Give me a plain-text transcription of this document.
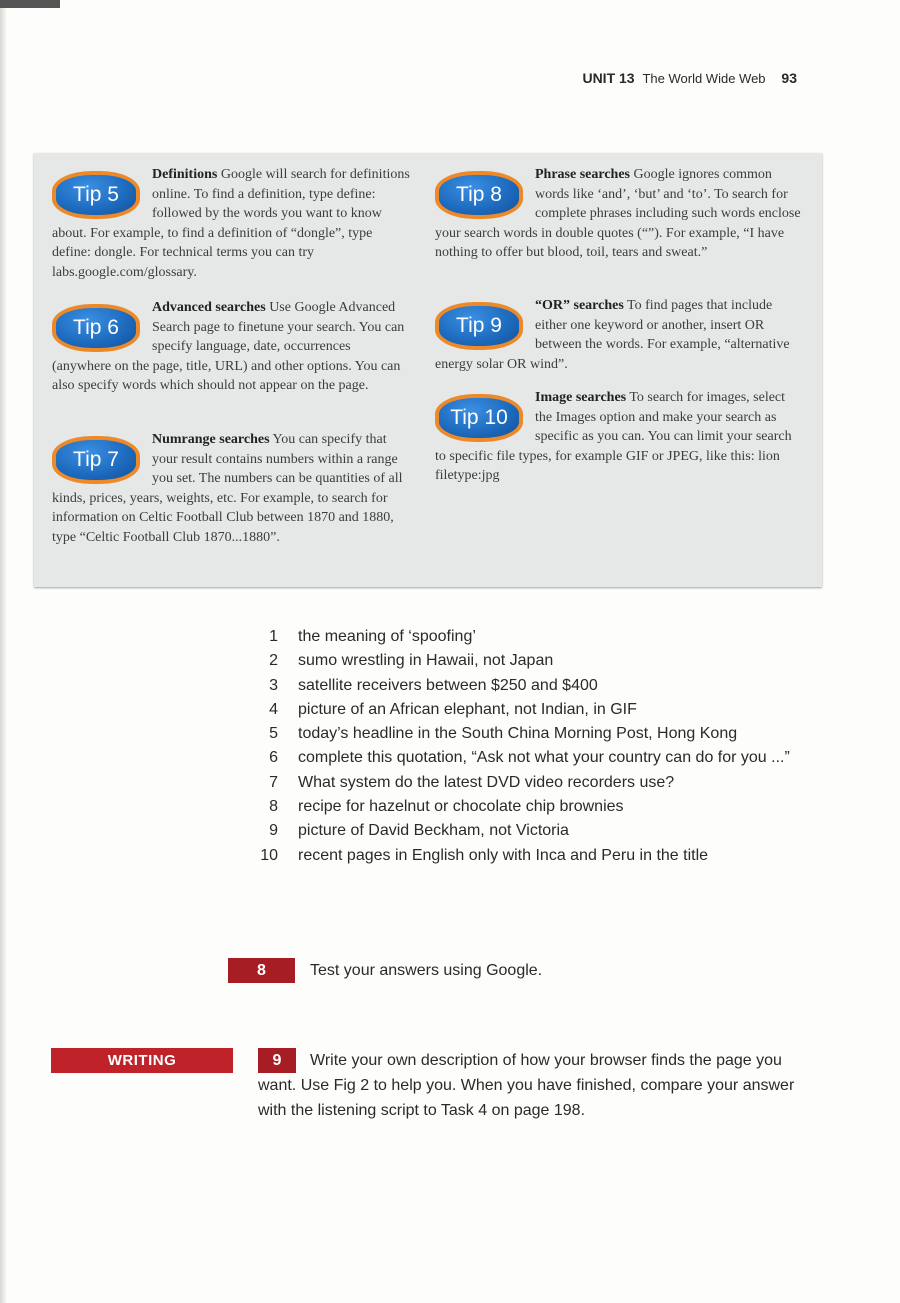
UNIT 13 The World Wide Web 93
Tip 5

Definitions Google will search for definitions online. To find a definition, type define: followed by the words you want to know about. For example, to find a definition of “dongle”, type define: dongle. For technical terms you can try labs.google.com/glossary.

Tip 6

Advanced searches Use Google Advanced Search page to finetune your search. You can specify language, date, occurrences (anywhere on the page, title, URL) and other options. You can also specify words which should not appear on the page.

Tip 7

Numrange searches You can specify that your result contains numbers within a range you set. The numbers can be quantities of all kinds, prices, years, weights, etc. For example, to search for information on Celtic Football Club between 1870 and 1880, type “Celtic Football Club 1870...1880”.

Tip 8

Phrase searches Google ignores common words like ‘and’, ‘but’ and ‘to’. To search for complete phrases including such words enclose your search words in double quotes (“”). For example, “I have nothing to offer but blood, toil, tears and sweat.”

Tip 9

“OR” searches To find pages that include either one keyword or another, insert OR between the words. For example, “alternative energy solar OR wind”.

Tip 10

Image searches To search for images, select the Images option and make your search as specific as you can. You can limit your search to specific file types, for example GIF or JPEG, like this: lion filetype:jpg

1 the meaning of ‘spoofing’
2 sumo wrestling in Hawaii, not Japan
3 satellite receivers between $250 and $400
4 picture of an African elephant, not Indian, in GIF
5 today’s headline in the South China Morning Post, Hong Kong
6 complete this quotation, “Ask not what your country can do for you ...”
7 What system do the latest DVD video recorders use?
8 recipe for hazelnut or chocolate chip brownies
9 picture of David Beckham, not Victoria
10 recent pages in English only with Inca and Peru in the title
8	Test your answers using Google.
WRITING	9 Write your own description of how your browser finds the page you want. Use Fig 2 to help you. When you have finished, compare your answer with the listening script to Task 4 on page 198.
